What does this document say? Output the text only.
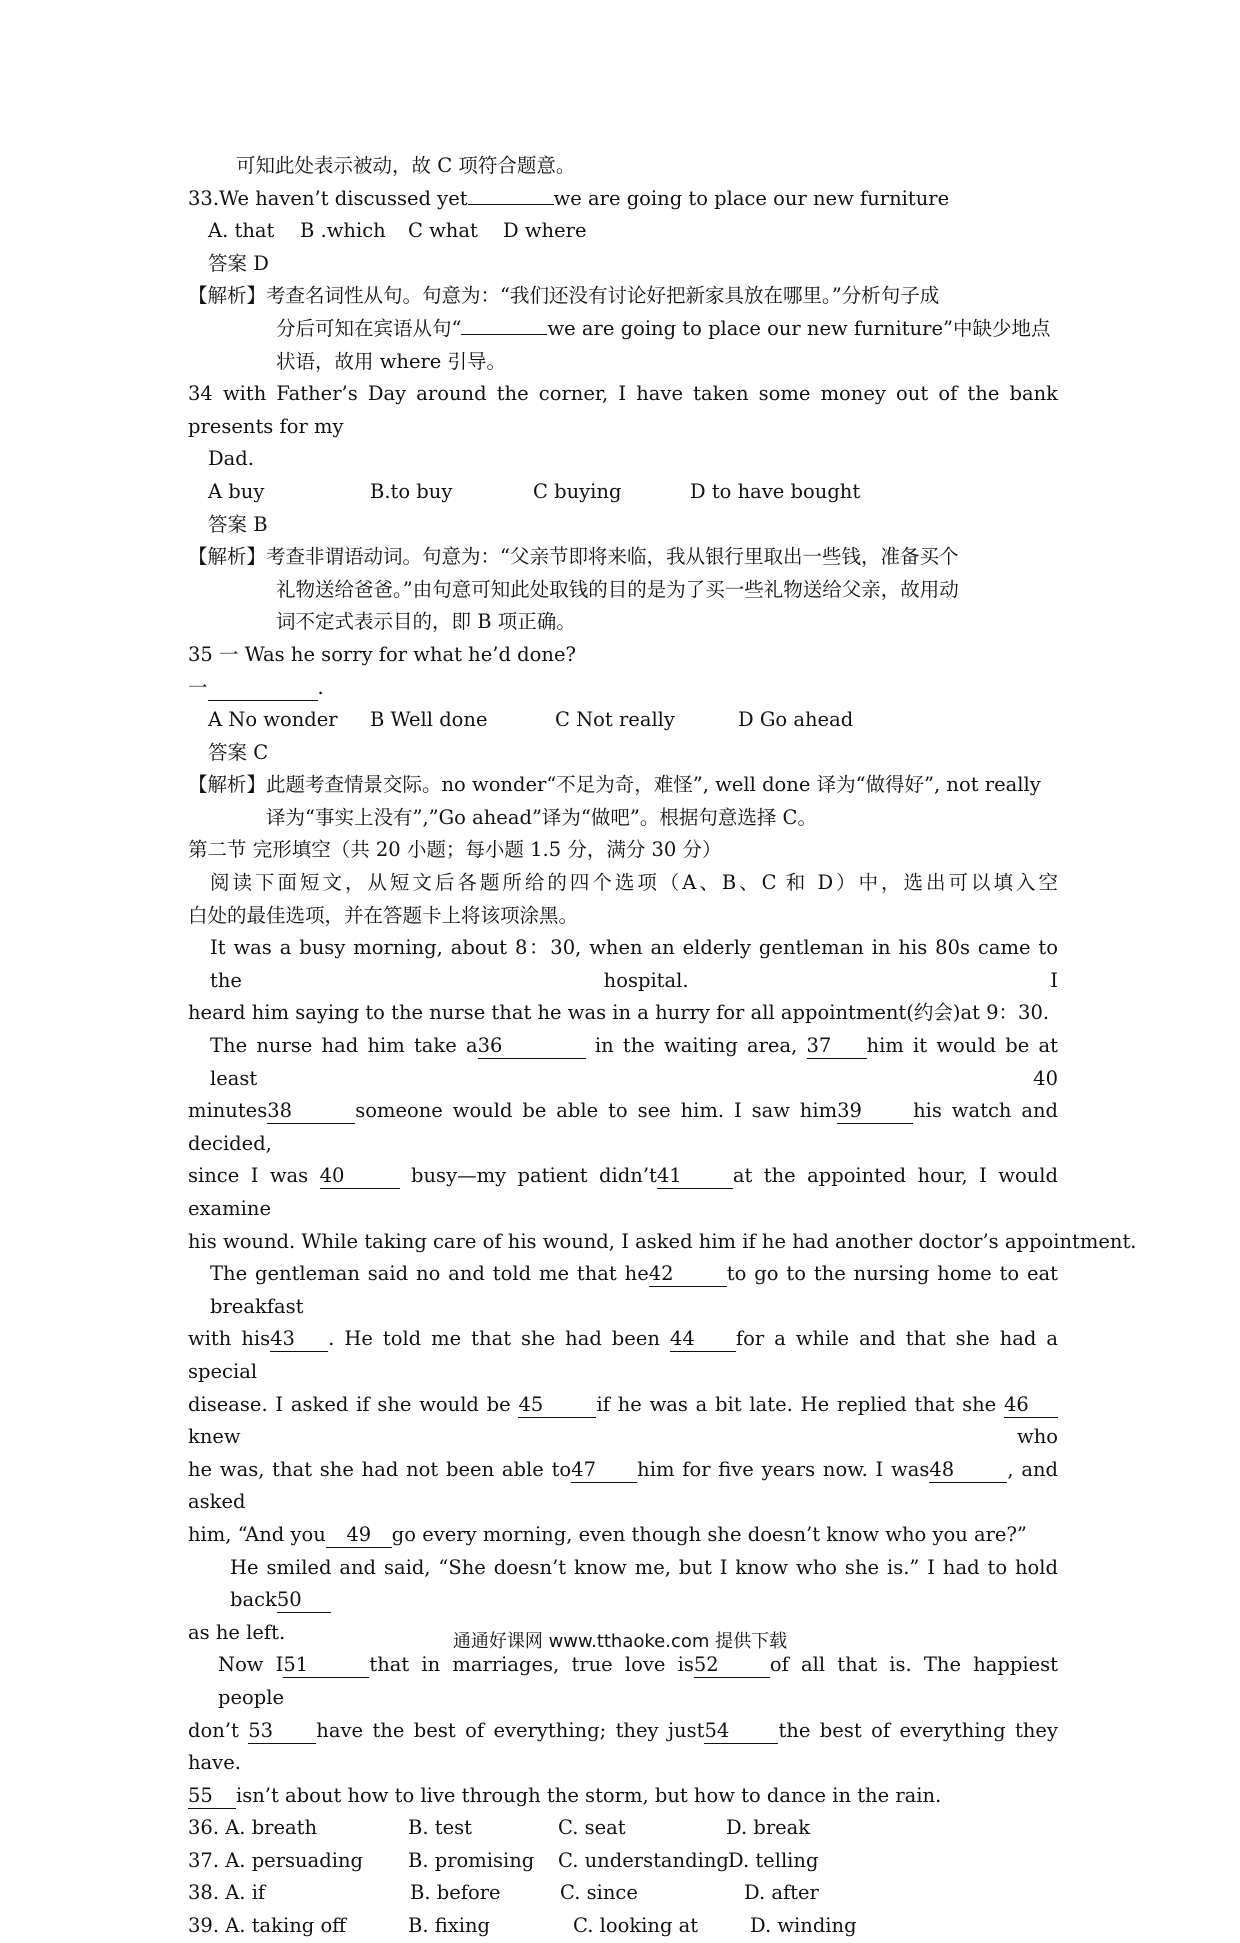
可知此处表示被动，故 C 项符合题意。
33.We haven’t discussed yet	we are going to place our new furniture
A. that	B .which	C what	D where
答案 D
【解析】考查名词性从句。句意为：“我们还没有讨论好把新家具放在哪里。”分析句子成
分后可知在宾语从句“	we are going to place our new furniture”中缺少地点
状语，故用 where 引导。
34 with Father’s Day around the corner, I have taken some money out of the bank
presents for my
Dad.
A buy	B.to buy	C buying	D to have bought
答案 B
【解析】考查非谓语动词。句意为：“父亲节即将来临，我从银行里取出一些钱，准备买个
礼物送给爸爸。”由句意可知此处取钱的目的是为了买一些礼物送给父亲，故用动
词不定式表示目的，即 B 项正确。
35 一 Was he sorry for what he’d done?
一	.
A No wonder	B Well done	C Not really	D Go ahead
答案 C
【解析】此题考查情景交际。no wonder“不足为奇，难怪”, well done 译为“做得好”, not really
译为“事实上没有”,”Go ahead”译为“做吧”。根据句意选择 C。
第二节 完形填空（共 20 小题；每小题 1.5 分，满分 30 分）
阅读下面短文，从短文后各题所给的四个选项（A、B、C 和 D）中，选出可以填入空
白处的最佳选项，并在答题卡上将该项涂黑。
It was a busy morning, about 8：30, when an elderly gentleman in his 80s came to the hospital. I
heard him saying to the nurse that he was in a hurry for all appointment(约会)at 9：30.
The nurse had him take a36	in the waiting area, 37 him it would be at least 40
minutes38	someone would be able to see him. I saw him39	his watch and decided,
since I was 40	busy—my patient didn’t41	at the appointed hour, I would examine
his wound. While taking care of his wound, I asked him if he had another doctor’s appointment.
The gentleman said no and told me that he42	to go to the nursing home to eat breakfast
with his43 . He told me that she had been 44 for a while and that she had a special
disease. I asked if she would be 45	if he was a bit late. He replied that she 46knew who
he was, that she had not been able to47 him for five years now. I was48	, and asked
him, “And you 49 go every morning, even though she doesn’t know who you are?”
He smiled and said, “She doesn’t know me, but I know who she is.” I had to hold back50
as he left.
Now I51	that in marriages, true love is52	of all that is. The happiest people
don’t 53 have the best of everything; they just54	the best of everything they have.
55 isn’t about how to live through the storm, but how to dance in the rain.
36. A. breath	B. test	C. seat	D. break
37. A. persuading	B. promising	C. understanding D. telling
38. A. if	B. before	C. since	D. after
39. A. taking off	B. fixing	C. looking at	D. winding
通通好课网 www.tthaoke.com 提供下载
